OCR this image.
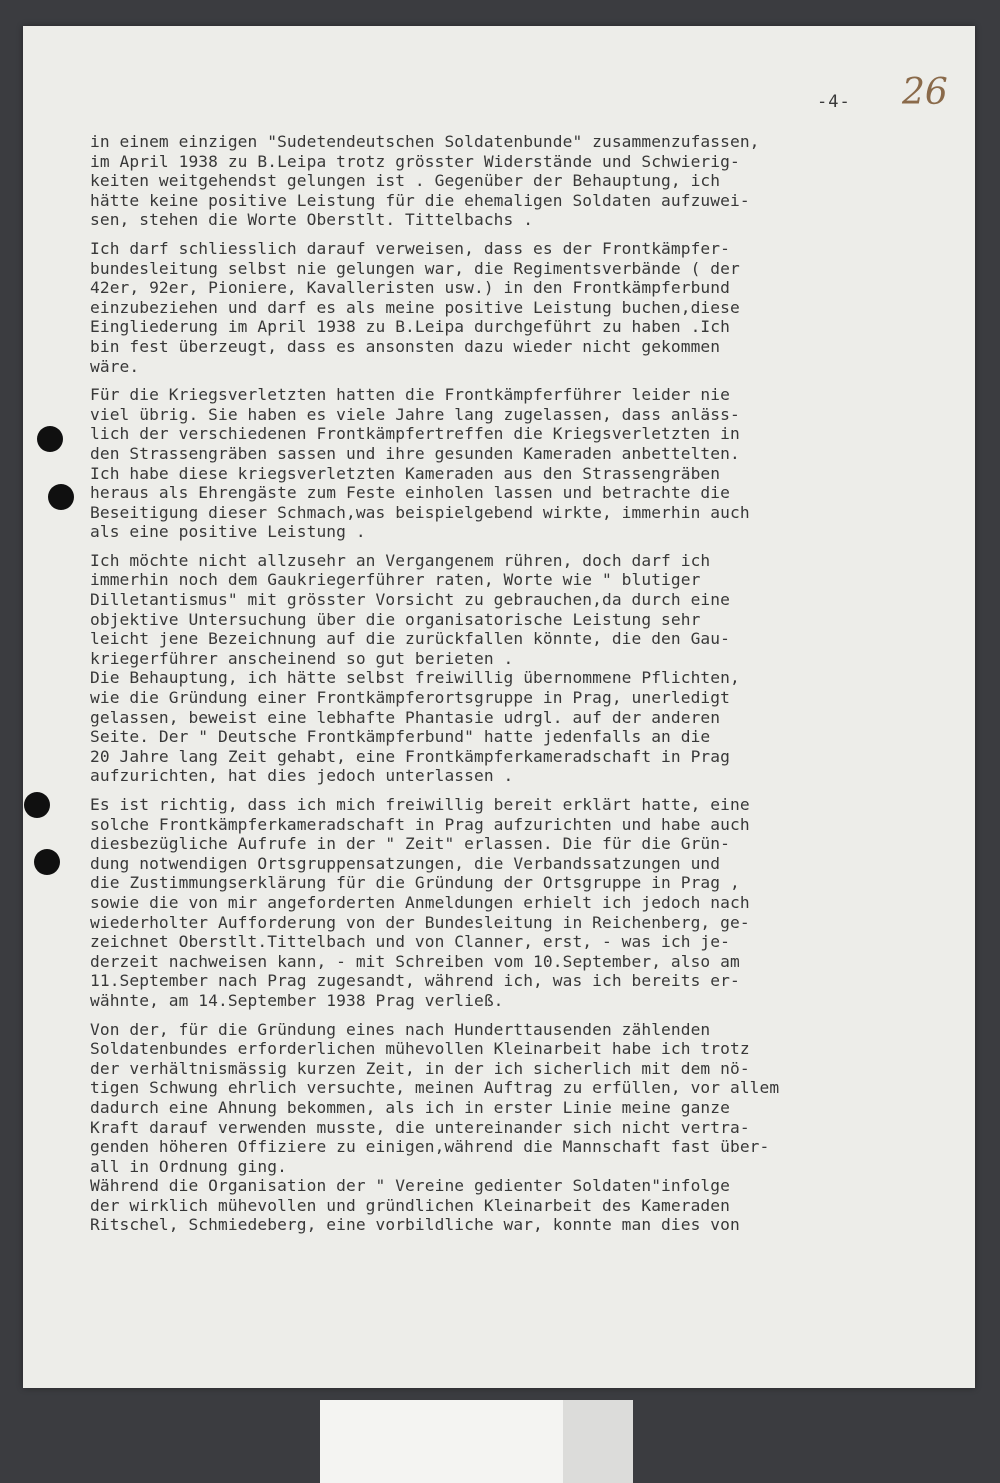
-4- 26
in einem einzigen "Sudetendeutschen Soldatenbunde" zusammenzufassen,
im April 1938 zu B.Leipa trotz grösster Widerstände und Schwierig-
keiten weitgehendst gelungen ist . Gegenüber der Behauptung, ich
hätte keine positive Leistung für die ehemaligen Soldaten aufzuwei-
sen, stehen die Worte Oberstlt. Tittelbachs .
Ich darf schliesslich darauf verweisen, dass es der Frontkämpfer-
bundesleitung selbst nie gelungen war, die Regimentsverbände ( der
42er, 92er, Pioniere, Kavalleristen usw.) in den Frontkämpferbund
einzubeziehen und darf es als meine positive Leistung buchen,diese
Eingliederung im April 1938 zu B.Leipa durchgeführt zu haben .Ich
bin fest überzeugt, dass es ansonsten dazu wieder nicht gekommen
wäre.
Für die Kriegsverletzten hatten die Frontkämpferführer leider nie
viel übrig. Sie haben es viele Jahre lang zugelassen, dass anläss-
lich der verschiedenen Frontkämpfertreffen die Kriegsverletzten in
den Strassengräben sassen und ihre gesunden Kameraden anbettelten.
Ich habe diese kriegsverletzten Kameraden aus den Strassengräben
heraus als Ehrengäste zum Feste einholen lassen und betrachte die
Beseitigung dieser Schmach,was beispielgebend wirkte, immerhin auch
als eine positive Leistung .
Ich möchte nicht allzusehr an Vergangenem rühren, doch darf ich
immerhin noch dem Gaukriegerführer raten, Worte wie " blutiger
Dilletantismus" mit grösster Vorsicht zu gebrauchen,da durch eine
objektive Untersuchung über die organisatorische Leistung sehr
leicht jene Bezeichnung auf die zurückfallen könnte, die den Gau-
kriegerführer anscheinend so gut berieten .
Die Behauptung, ich hätte selbst freiwillig übernommene Pflichten,
wie die Gründung einer Frontkämpferortsgruppe in Prag, unerledigt
gelassen, beweist eine lebhafte Phantasie udrgl. auf der anderen
Seite. Der " Deutsche Frontkämpferbund" hatte jedenfalls an die
20 Jahre lang Zeit gehabt, eine Frontkämpferkameradschaft in Prag
aufzurichten, hat dies jedoch unterlassen .
Es ist richtig, dass ich mich freiwillig bereit erklärt hatte, eine
solche Frontkämpferkameradschaft in Prag aufzurichten und habe auch
diesbezügliche Aufrufe in der " Zeit" erlassen. Die für die Grün-
dung notwendigen Ortsgruppensatzungen, die Verbandssatzungen und
die Zustimmungserklärung für die Gründung der Ortsgruppe in Prag ,
sowie die von mir angeforderten Anmeldungen erhielt ich jedoch nach
wiederholter Aufforderung von der Bundesleitung in Reichenberg, ge-
zeichnet Oberstlt.Tittelbach und von Clanner, erst, - was ich je-
derzeit nachweisen kann, - mit Schreiben vom 10.September, also am
11.September nach Prag zugesandt, während ich, was ich bereits er-
wähnte, am 14.September 1938 Prag verließ.
Von der, für die Gründung eines nach Hunderttausenden zählenden
Soldatenbundes erforderlichen mühevollen Kleinarbeit habe ich trotz
der verhältnismässig kurzen Zeit, in der ich sicherlich mit dem nö-
tigen Schwung ehrlich versuchte, meinen Auftrag zu erfüllen, vor allem
dadurch eine Ahnung bekommen, als ich in erster Linie meine ganze
Kraft darauf verwenden musste, die untereinander sich nicht vertra-
genden höheren Offiziere zu einigen,während die Mannschaft fast über-
all in Ordnung ging.
Während die Organisation der " Vereine gedienter Soldaten"infolge
der wirklich mühevollen und gründlichen Kleinarbeit des Kameraden
Ritschel, Schmiedeberg, eine vorbildliche war, konnte man dies von
